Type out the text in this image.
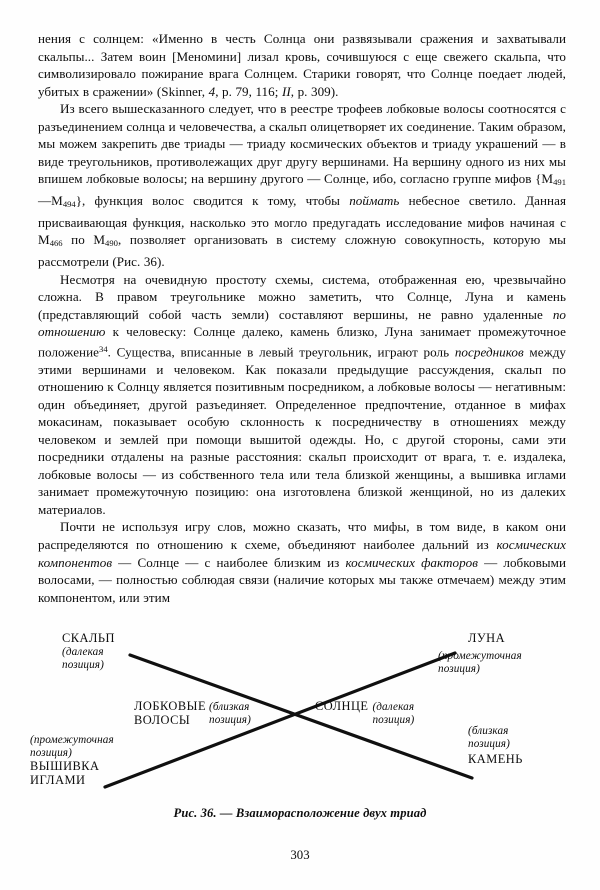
нения с солнцем: «Именно в честь Солнца они развязывали сражения и захватывали скальпы... Затем воин [Меномини] лизал кровь, сочившуюся с еще свежего скальпа, что символизировало пожирание врага Солнцем. Старики говорят, что Солнце поедает людей, убитых в сражении» (Skinner, 4, p. 79, 116; II, p. 309).

Из всего вышесказанного следует, что в реестре трофеев лобковые волосы соотносятся с разъединением солнца и человечества, а скальп олицетворяет их соединение. Таким образом, мы можем закрепить две триады — триаду космических объектов и триаду украшений — в виде треугольников, противолежащих друг другу вершинами. На вершину одного из них мы впишем лобковые волосы; на вершину другого — Солнце, ибо, согласно группе мифов $\{M_{491}—M_{494}\}$, функция волос сводится к тому, чтобы поймать небесное светило. Данная присваивающая функция, насколько это могло предугадать исследование мифов начиная с $M_{466}$ по $M_{490}$, позволяет организовать в систему сложную совокупность, которую мы рассмотрели (Рис. 36).

Несмотря на очевидную простоту схемы, система, отображенная ею, чрезвычайно сложна. В правом треугольнике можно заметить, что Солнце, Луна и камень (представляющий собой часть земли) составляют вершины, не равно удаленные по отношению к человеску: Солнце далеко, камень близко, Луна занимает промежуточное положение$^{34}$. Существа, вписанные в левый треугольник, играют роль посредников между этими вершинами и человеком. Как показали предыдущие рассуждения, скальп по отношению к Солнцу является позитивным посредником, а лобковые волосы — негативным: один объединяет, другой разъединяет. Определенное предпочтение, отданное в мифах мокасинам, показывает особую склонность к посредничеству в отношениях между человеком и землей при помощи вышитой одежды. Но, с другой стороны, сами эти посредники отдалены на разные расстояния: скальп происходит от врага, т. е. издалека, лобковые волосы — из собственного тела или тела близкой женщины, а вышивка иглами занимает промежуточную позицию: она изготовлена близкой женщиной, но из далеких материалов.

Почти не используя игру слов, можно сказать, что мифы, в том виде, в каком они распределяются по отношению к схеме, объединяют наиболее дальний из космических компонентов — Солнце — с наиболее близким из космических факторов — лобковыми волосами, — полностью соблюдая связи (наличие которых мы также отмечаем) между этим компонентом, или этим

СКАЛЬП
(далекая
позиция)
ЛУНА
(промежуточная
позиция)
ЛОБКОВЫЕ
ВОЛОСЫ
(близкая
позиция)
СОЛНЦЕ (далекая
позиция)
(промежуточная
позиция)
ВЫШИВКА
ИГЛАМИ
(близкая
позиция)
КАМЕНЬ
Рис. 36. — Взаиморасположение двух триад
303
